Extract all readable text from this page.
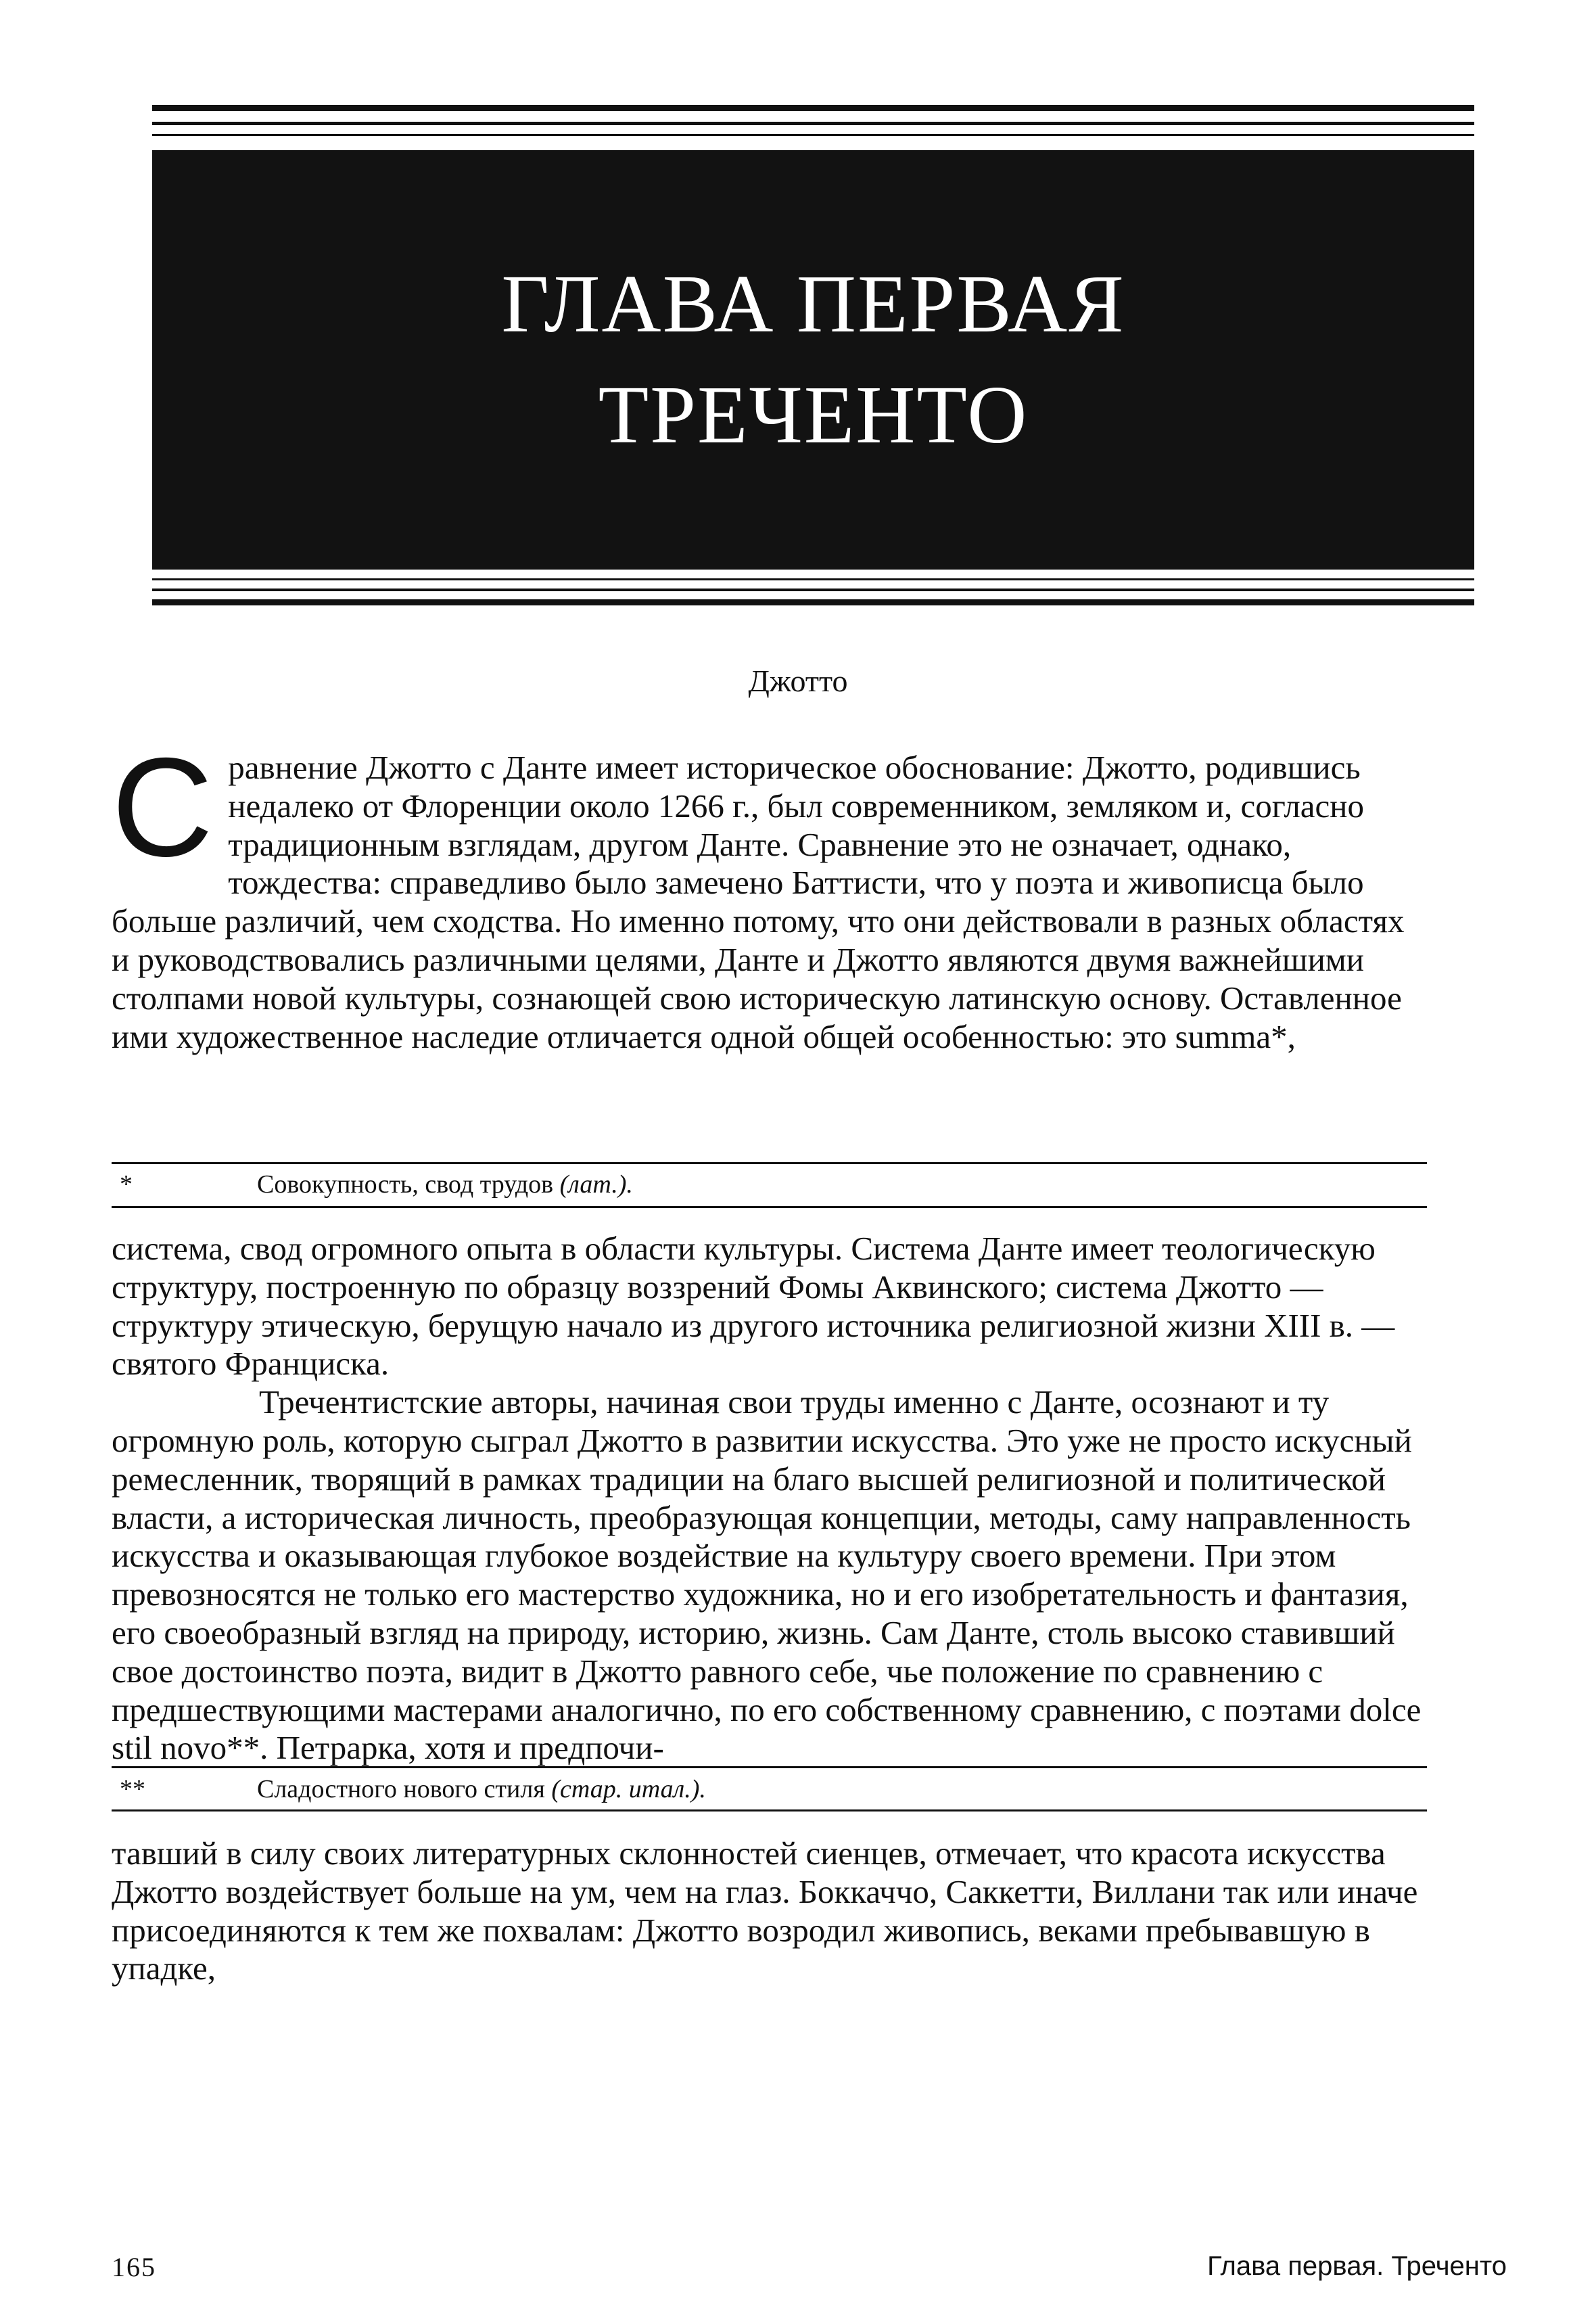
ГЛАВА ПЕРВАЯ
ТРЕЧЕНТО
Джотто
Сравнение Джотто с Данте имеет историческое обоснование: Джотто, родившись недалеко от Флоренции около 1266 г., был современником, земляком и, согласно традиционным взглядам, другом Данте. Сравнение это не означает, однако, тождества: справедливо было замечено Баттисти, что у поэта и живописца было больше различий, чем сходства. Но именно потому, что они действовали в разных областях и руководствовались различными целями, Данте и Джотто являются двумя важнейшими столпами новой культуры, сознающей свою историческую латинскую основу. Оставленное ими художественное наследие отличается одной общей особенностью: это summa*,
*	Совокупность, свод трудов (лат.).
система, свод огромного опыта в области культуры. Система Данте имеет теологическую структуру, построенную по образцу воззрений Фомы Аквинского; система Джотто — структуру этическую, берущую начало из другого источника религиозной жизни XIII в. — святого Франциска.
Тречентистские авторы, начиная свои труды именно с Данте, осознают и ту огромную роль, которую сыграл Джотто в развитии искусства. Это уже не просто искусный ремесленник, творящий в рамках традиции на благо высшей религиозной и политической власти, а историческая личность, преобразующая концепции, методы, саму направленность искусства и оказывающая глубокое воздействие на культуру своего времени. При этом превозносятся не только его мастерство художника, но и его изобретательность и фантазия, его своеобразный взгляд на природу, историю, жизнь. Сам Данте, столь высоко ставивший свое достоинство поэта, видит в Джотто равного себе, чье положение по сравнению с предшествующими мастерами аналогично, по его собственному сравнению, с поэтами dolce stil novo**. Петрарка, хотя и предпочи-
**	Сладостного нового стиля (стар. итал.).
тавший в силу своих литературных склонностей сиенцев, отмечает, что красота искусства Джотто воздействует больше на ум, чем на глаз. Боккаччо, Саккетти, Виллани так или иначе присоединяются к тем же похвалам: Джотто возродил живопись, веками пребывавшую в упадке,
165	Глава первая. Треченто
